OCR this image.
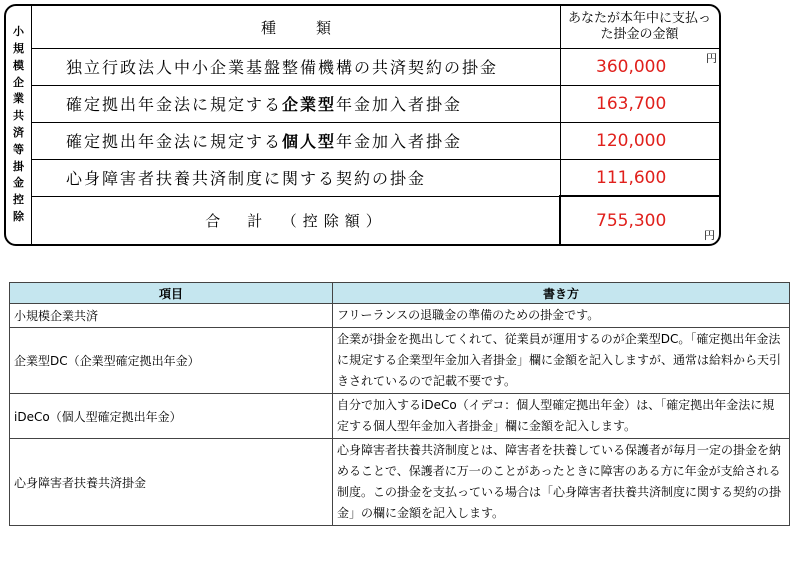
小
規
模
企
業
共
済
等
掛
金
控
除
種類	あなたが本年中に支払った掛金の金額
独立行政法人中小企業基盤整備機構の共済契約の掛金	360,000	円
確定拠出年金法に規定する 企業型 年金加入者掛金	163,700
確定拠出年金法に規定する 個人型 年金加入者掛金	120,000
心身障害者扶養共済制度に関する契約の掛金	111,600
合　計　（控除額）	755,300
円
項目	書き方
小規模企業共済	フリーランスの退職金の準備のための掛金です。
企業型DC（企業型確定拠出年金）	企業が掛金を拠出してくれて、従業員が運用するのが企業型DC。「確定拠出年金法に規定する企業型年金加入者掛金」欄に金額を記入しますが、通常は給料から天引きされているので記載不要です。
iDeCo（個人型確定拠出年金）	自分で加入するiDeCo（イデコ：個人型確定拠出年金）は、「確定拠出年金法に規定する個人型年金加入者掛金」欄に金額を記入します。
心身障害者扶養共済掛金	心身障害者扶養共済制度とは、障害者を扶養している保護者が毎月一定の掛金を納めることで、保護者に万一のことがあったときに障害のある方に年金が支給される制度。この掛金を支払っている場合は「心身障害者扶養共済制度に関する契約の掛金」の欄に金額を記入します。
